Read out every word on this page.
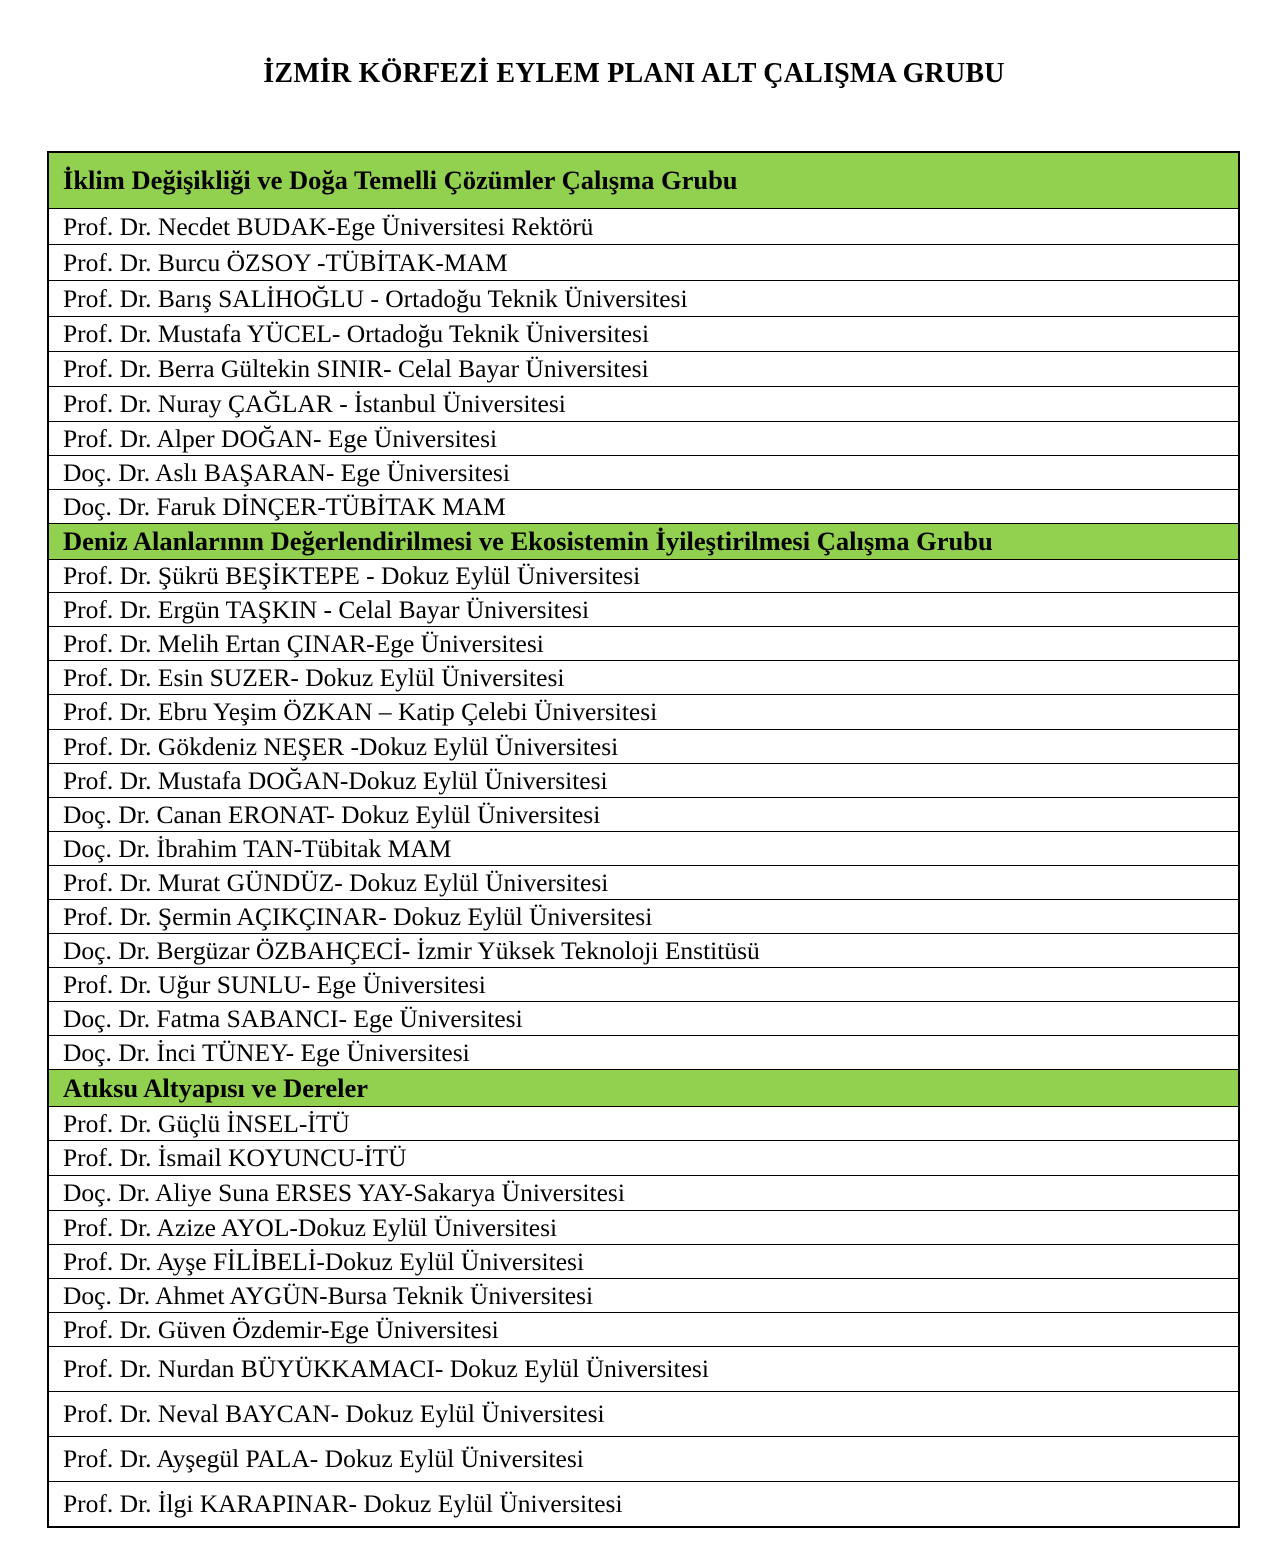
İZMİR KÖRFEZİ EYLEM PLANI ALT ÇALIŞMA GRUBU
İklim Değişikliği ve Doğa Temelli Çözümler Çalışma Grubu
Prof. Dr. Necdet BUDAK-Ege Üniversitesi Rektörü
Prof. Dr. Burcu ÖZSOY -TÜBİTAK-MAM
Prof. Dr. Barış SALİHOĞLU - Ortadoğu Teknik Üniversitesi
Prof. Dr. Mustafa YÜCEL- Ortadoğu Teknik Üniversitesi
Prof. Dr. Berra Gültekin SINIR- Celal Bayar Üniversitesi
Prof. Dr. Nuray ÇAĞLAR - İstanbul Üniversitesi
Prof. Dr. Alper DOĞAN- Ege Üniversitesi
Doç. Dr. Aslı BAŞARAN- Ege Üniversitesi
Doç. Dr. Faruk DİNÇER-TÜBİTAK MAM
Deniz Alanlarının Değerlendirilmesi ve Ekosistemin İyileştirilmesi Çalışma Grubu
Prof. Dr. Şükrü BEŞİKTEPE - Dokuz Eylül Üniversitesi
Prof. Dr. Ergün TAŞKIN - Celal Bayar Üniversitesi
Prof. Dr. Melih Ertan ÇINAR-Ege Üniversitesi
Prof. Dr. Esin SUZER- Dokuz Eylül Üniversitesi
Prof. Dr. Ebru Yeşim ÖZKAN – Katip Çelebi Üniversitesi
Prof. Dr. Gökdeniz NEŞER -Dokuz Eylül Üniversitesi
Prof. Dr. Mustafa DOĞAN-Dokuz Eylül Üniversitesi
Doç. Dr. Canan ERONAT- Dokuz Eylül Üniversitesi
Doç. Dr. İbrahim TAN-Tübitak MAM
Prof. Dr. Murat GÜNDÜZ- Dokuz Eylül Üniversitesi
Prof. Dr. Şermin AÇIKÇINAR- Dokuz Eylül Üniversitesi
Doç. Dr. Bergüzar ÖZBAHÇECİ- İzmir Yüksek Teknoloji Enstitüsü
Prof. Dr. Uğur SUNLU- Ege Üniversitesi
Doç. Dr. Fatma SABANCI- Ege Üniversitesi
Doç. Dr. İnci TÜNEY- Ege Üniversitesi
Atıksu Altyapısı ve Dereler
Prof. Dr. Güçlü İNSEL-İTÜ
Prof. Dr. İsmail KOYUNCU-İTÜ
Doç. Dr. Aliye Suna ERSES YAY-Sakarya Üniversitesi
Prof. Dr. Azize AYOL-Dokuz Eylül Üniversitesi
Prof. Dr. Ayşe FİLİBELİ-Dokuz Eylül Üniversitesi
Doç. Dr. Ahmet AYGÜN-Bursa Teknik Üniversitesi
Prof. Dr. Güven Özdemir-Ege Üniversitesi
Prof. Dr. Nurdan BÜYÜKKAMACI- Dokuz Eylül Üniversitesi
Prof. Dr. Neval BAYCAN- Dokuz Eylül Üniversitesi
Prof. Dr. Ayşegül PALA- Dokuz Eylül Üniversitesi
Prof. Dr. İlgi KARAPINAR- Dokuz Eylül Üniversitesi
